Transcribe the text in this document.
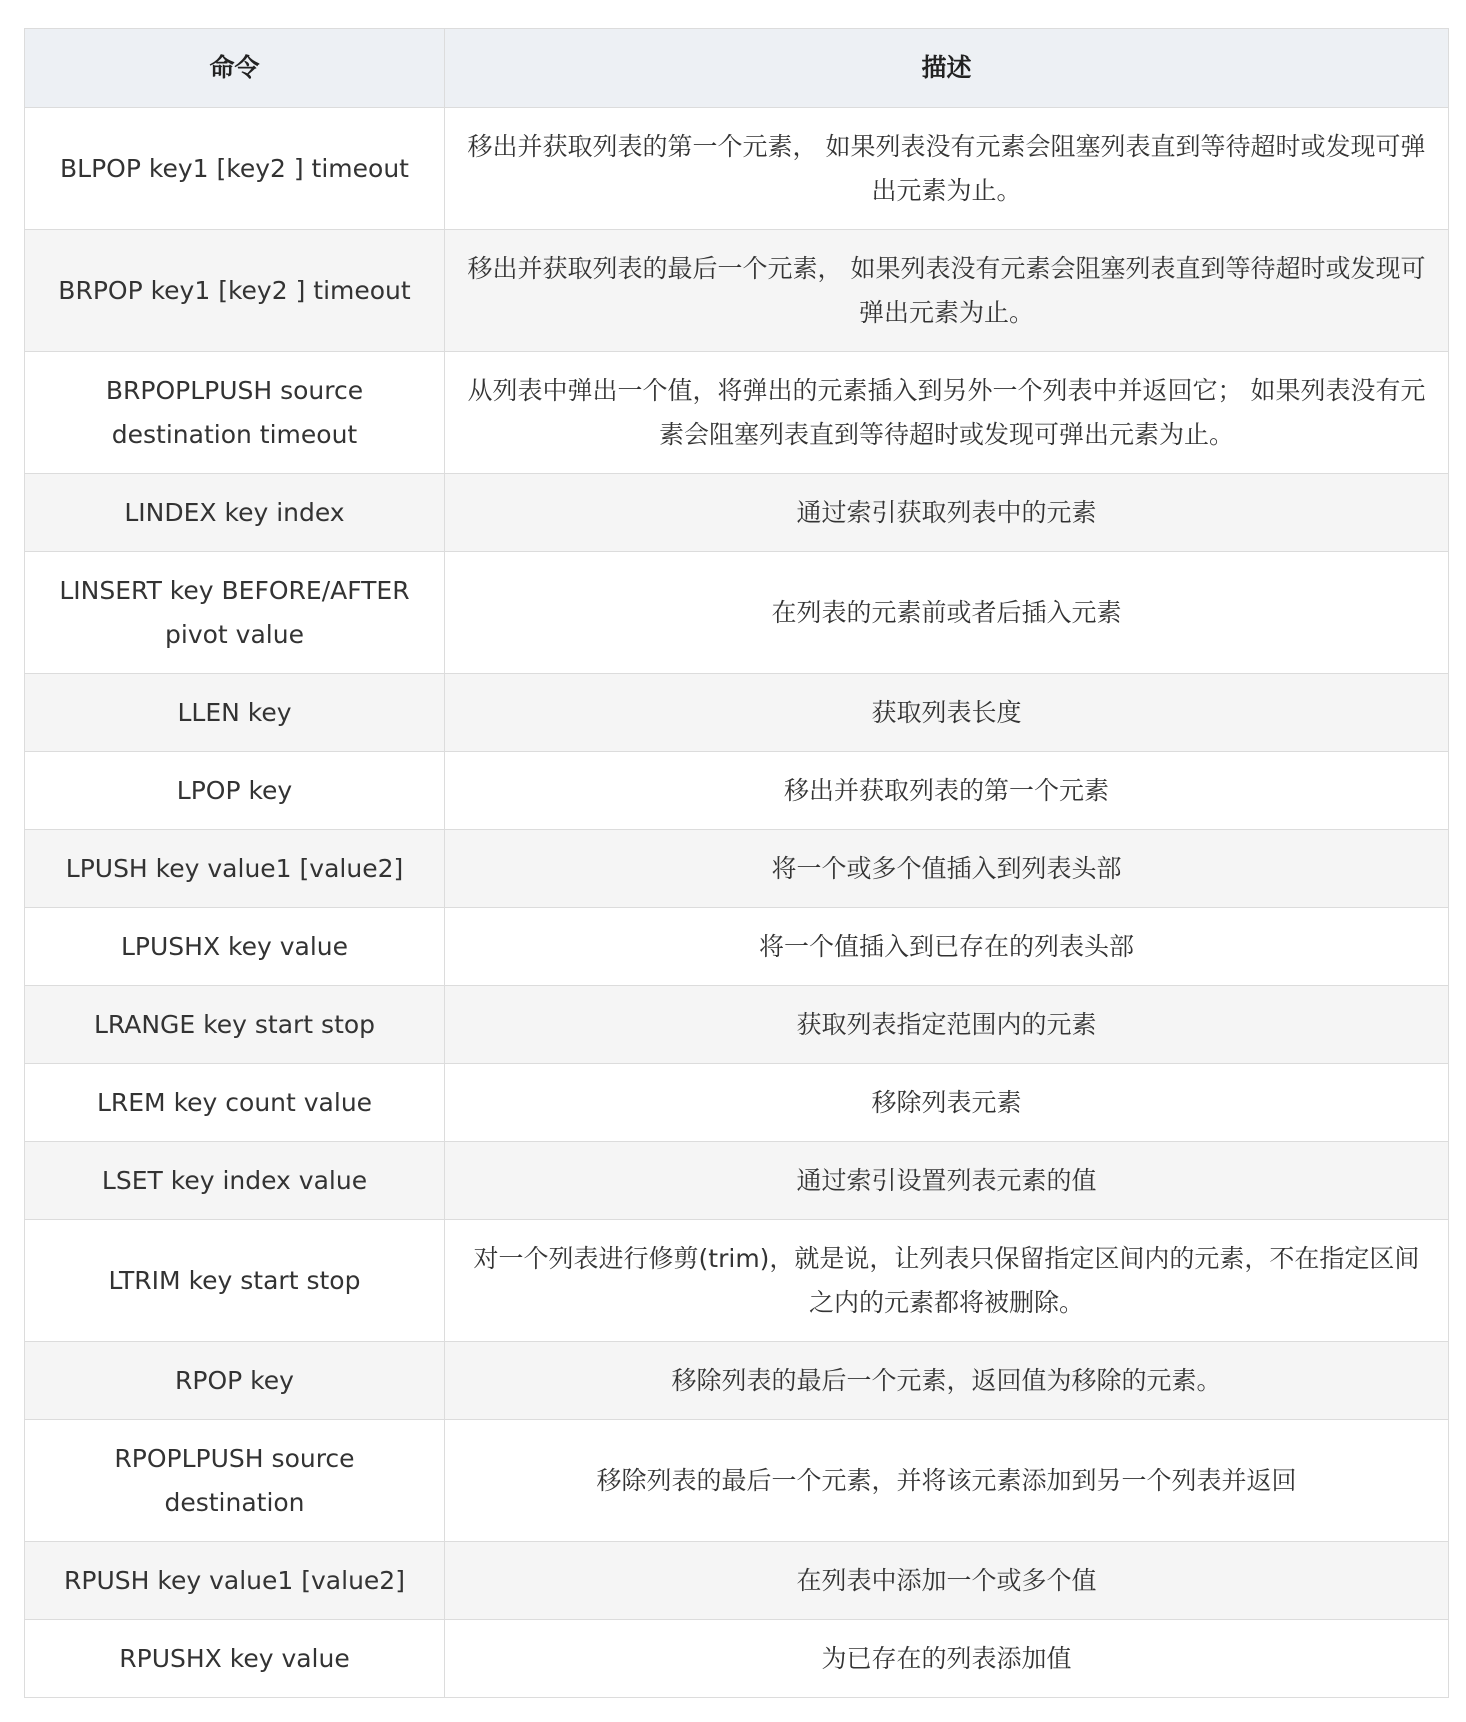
命令	描述
BLPOP key1 [key2 ] timeout	移出并获取列表的第一个元素， 如果列表没有元素会阻塞列表直到等待超时或发现可弹出元素为止。
BRPOP key1 [key2 ] timeout	移出并获取列表的最后一个元素， 如果列表没有元素会阻塞列表直到等待超时或发现可弹出元素为止。
BRPOPLPUSH source destination timeout	从列表中弹出一个值，将弹出的元素插入到另外一个列表中并返回它； 如果列表没有元素会阻塞列表直到等待超时或发现可弹出元素为止。
LINDEX key index	通过索引获取列表中的元素
LINSERT key BEFORE/AFTER pivot value	在列表的元素前或者后插入元素
LLEN key	获取列表长度
LPOP key	移出并获取列表的第一个元素
LPUSH key value1 [value2]	将一个或多个值插入到列表头部
LPUSHX key value	将一个值插入到已存在的列表头部
LRANGE key start stop	获取列表指定范围内的元素
LREM key count value	移除列表元素
LSET key index value	通过索引设置列表元素的值
LTRIM key start stop	对一个列表进行修剪(trim)，就是说，让列表只保留指定区间内的元素，不在指定区间之内的元素都将被删除。
RPOP key	移除列表的最后一个元素，返回值为移除的元素。
RPOPLPUSH source destination	移除列表的最后一个元素，并将该元素添加到另一个列表并返回
RPUSH key value1 [value2]	在列表中添加一个或多个值
RPUSHX key value	为已存在的列表添加值
